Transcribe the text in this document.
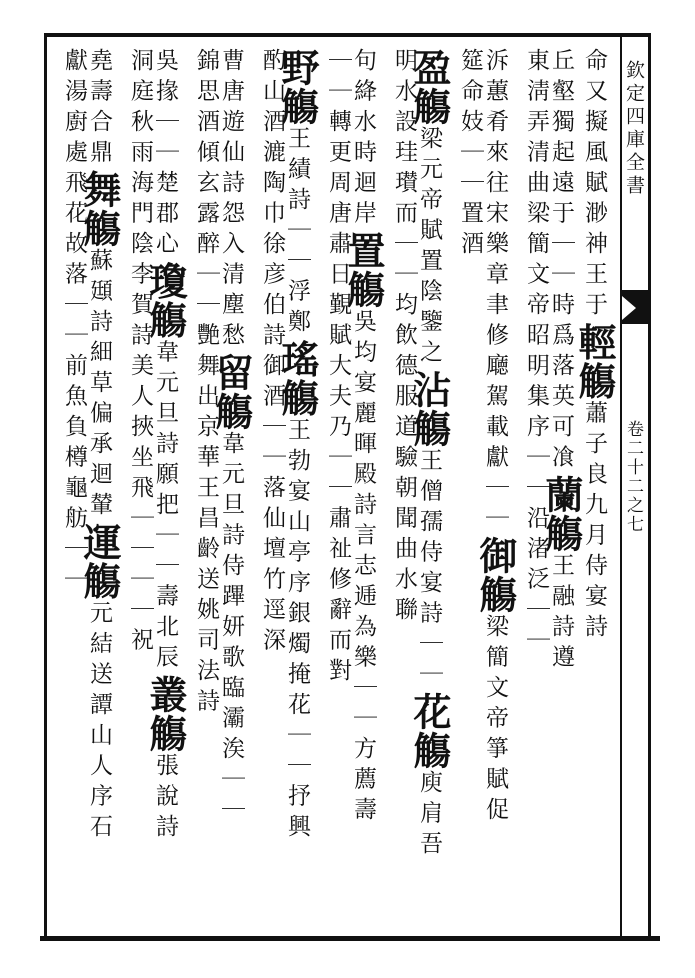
欽定四庫全書
卷二十二之七
命又擬風賦渺神王于輕觴蕭子良九月侍宴詩
丘壑獨起遠于｜｜時爲落英可飡蘭觴王融詩遵
東淸弄清曲梁簡文帝昭明集序｜｜沿渚泛｜｜
泝蕙肴來往宋樂章聿修廰駕載獻｜｜御觴梁簡文帝箏賦促
筵命妓｜｜置酒
盈觴梁元帝賦置陰鑒之沾觴王僧孺侍宴詩｜｜花觴庾肩吾
明水設珪瓉而｜｜均飲德服道驗朝聞曲水聯
句絳水時迴岸置觴吳均宴麗暉殿詩言志逓為樂｜｜方薦壽
｜｜轉更周唐肅日覲賦大夫乃｜｜肅祉修辭而對
野觴王績詩｜｜浮鄭瑤觴王勃宴山亭序銀燭掩花｜｜抒興
酌山酒漉陶巾徐彦伯詩御酒｜｜落仙壇竹逕深
曹唐遊仙詩怨入清塵愁留觴韋元旦詩侍蹕妍歌臨灞涘｜｜
錦思酒傾玄露醉｜｜艷舞出京華王昌齡送姚司法詩
吳掾｜｜楚郡心瓊觴韋元旦詩願把｜｜壽北辰叢觴張說詩
洞庭秋雨海門陰李賀詩美人挾坐飛｜｜｜｜祝
堯壽合鼎舞觴蘇頲詩細草偏承迴輦運觴元結送譚山人序石
獻湯廚處飛花故落｜｜前魚負樽龜舫｜｜
